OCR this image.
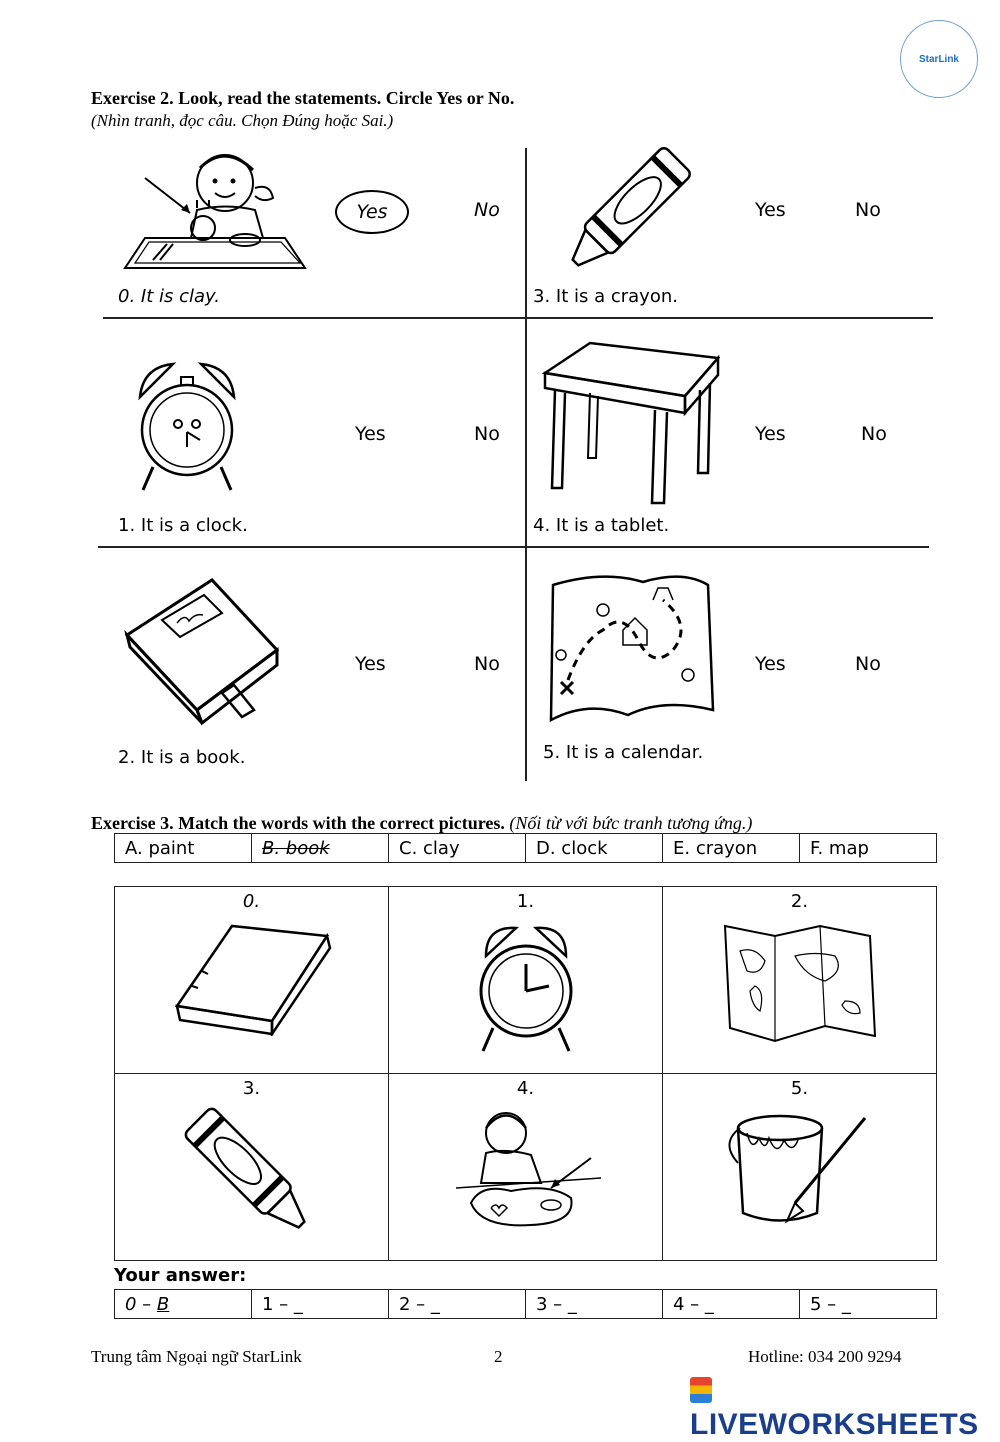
StarLink
Exercise 2. Look, read the statements. Circle Yes or No.
(Nhìn tranh, đọc câu. Chọn Đúng hoặc Sai.)
Yes	No
0. It is clay.
Yes	No
3. It is a crayon.
Yes	No
1. It is a clock.
Yes	No
4. It is a tablet.
Yes	No
2. It is a book.
Yes	No
5. It is a calendar.
Exercise 3. Match the words with the correct pictures. (Nối từ với bức tranh tương ứng.)
A. paint	B. book	C. clay	D. clock	E. crayon	F. map
0.	1.	2.

3.	4.	5.
Your answer:
0 – B	1 – _	2 – _	3 – _	4 – _	5 – _
Trung tâm Ngoại ngữ StarLink	2	Hotline: 034 200 9294
LIVEWORKSHEETS
